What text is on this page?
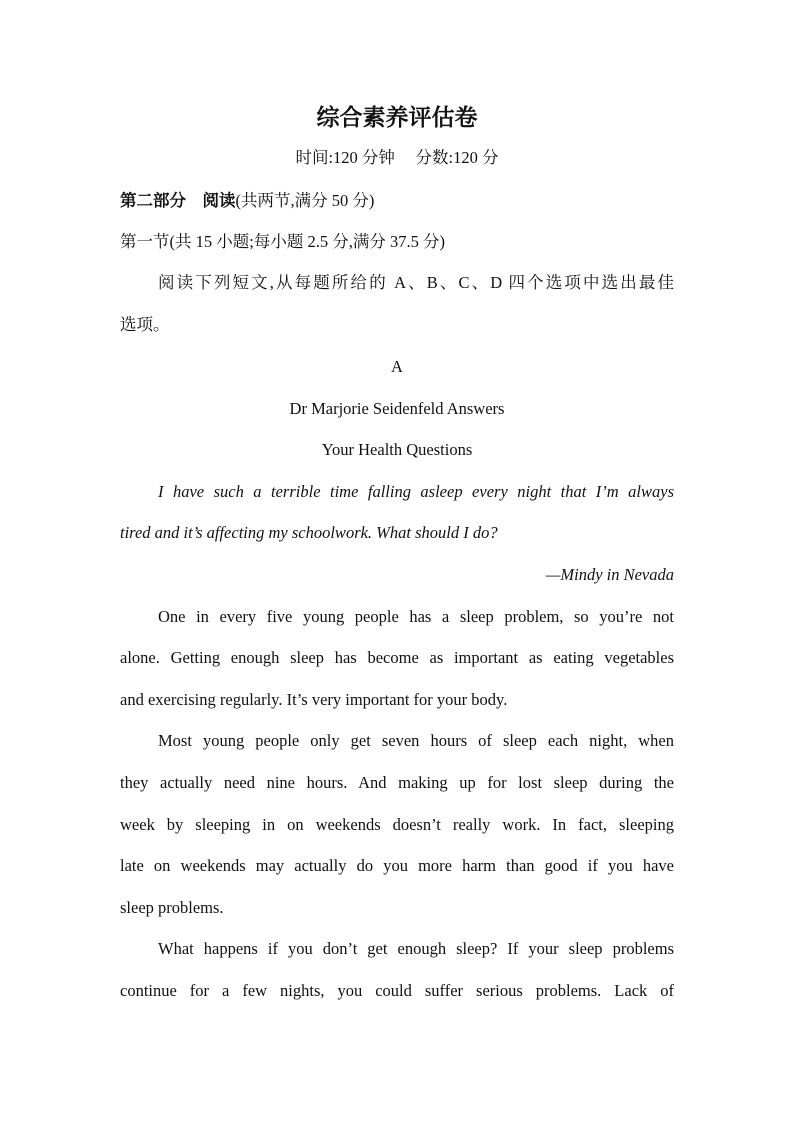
综合素养评估卷
时间:120 分钟　 分数:120 分
第二部分　阅读(共两节,满分 50 分)
第一节(共 15 小题;每小题 2.5 分,满分 37.5 分)
阅读下列短文,从每题所给的 A、B、C、D 四个选项中选出最佳
选项。
A
Dr Marjorie Seidenfeld Answers
Your Health Questions
I have such a terrible time falling asleep every night that I’m always
tired and it’s affecting my schoolwork. What should I do?
—Mindy in Nevada
One in every five young people has a sleep problem, so you’re not
alone. Getting enough sleep has become as important as eating vegetables
and exercising regularly. It’s very important for your body.
Most young people only get seven hours of sleep each night, when
they actually need nine hours. And making up for lost sleep during the
week by sleeping in on weekends doesn’t really work. In fact, sleeping
late on weekends may actually do you more harm than good if you have
sleep problems.
What happens if you don’t get enough sleep? If your sleep problems
continue for a few nights, you could suffer serious problems. Lack of
